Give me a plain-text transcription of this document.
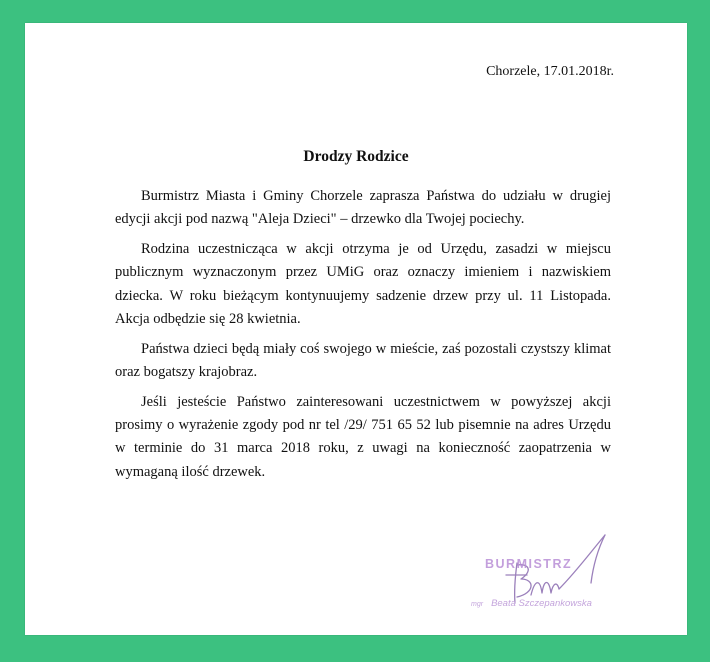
Chorzele, 17.01.2018r.

Drodzy Rodzice

Burmistrz Miasta i Gminy Chorzele zaprasza Państwa do udziału w drugiej edycji akcji pod nazwą "Aleja Dzieci" – drzewko dla Twojej pociechy.

Rodzina uczestnicząca w akcji otrzyma je od Urzędu, zasadzi w miejscu publicznym wyznaczonym przez UMiG oraz oznaczy imieniem i nazwiskiem dziecka. W roku bieżącym kontynuujemy sadzenie drzew przy ul. 11 Listopada. Akcja odbędzie się 28 kwietnia.

Państwa dzieci będą miały coś swojego w mieście, zaś pozostali czystszy klimat oraz bogatszy krajobraz.

Jeśli jesteście Państwo zainteresowani uczestnictwem w powyższej akcji prosimy o wyrażenie zgody pod nr tel /29/ 751 65 52 lub pisemnie na adres Urzędu w terminie do 31 marca 2018 roku, z uwagi na konieczność zaopatrzenia w wymaganą ilość drzewek.

BURMISTRZ
mgr Beata Szczepankowska
